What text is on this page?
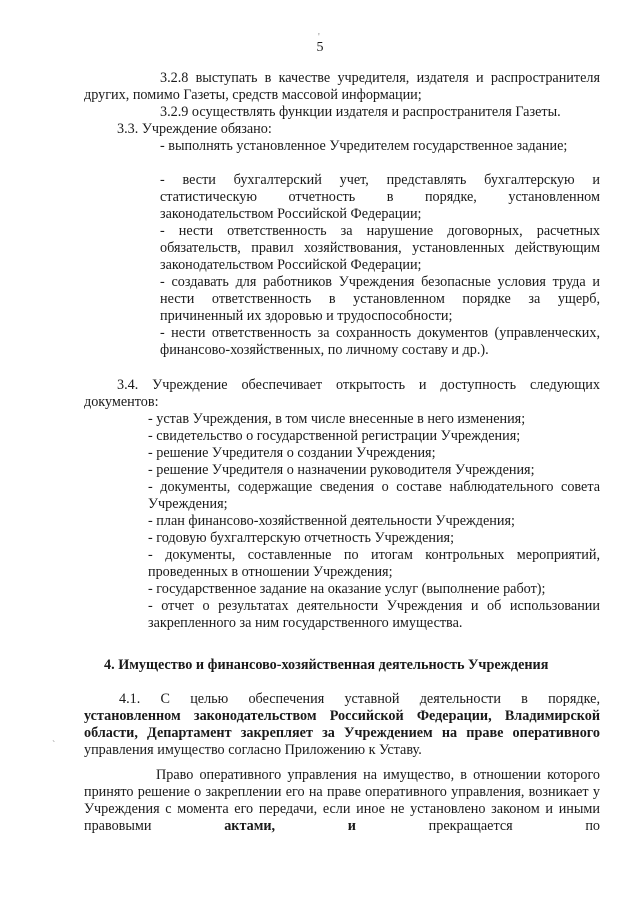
5

3.2.8 выступать в качестве учредителя, издателя и распространителя других, помимо Газеты, средств массовой информации;

3.2.9 осуществлять функции издателя и распространителя Газеты.

3.3. Учреждение обязано:

- выполнять установленное Учредителем государственное задание;

- вести бухгалтерский учет, представлять бухгалтерскую и статистическую отчетность в порядке, установленном законодательством Российской Федерации;

- нести ответственность за нарушение договорных, расчетных обязательств, правил хозяйствования, установленных действующим законодательством Российской Федерации;

- создавать для работников Учреждения безопасные условия труда и нести ответственность в установленном порядке за ущерб, причиненный их здоровью и трудоспособности;

- нести ответственность за сохранность документов (управленческих, финансово-хозяйственных, по личному составу и др.).

3.4. Учреждение обеспечивает открытость и доступность следующих документов:

- устав Учреждения, в том числе внесенные в него изменения;

- свидетельство о государственной регистрации Учреждения;

- решение Учредителя о создании Учреждения;

- решение Учредителя о назначении руководителя Учреждения;

- документы, содержащие сведения о составе наблюдательного совета Учреждения;

- план финансово-хозяйственной деятельности Учреждения;

- годовую бухгалтерскую отчетность Учреждения;

- документы, составленные по итогам контрольных мероприятий, проведенных в отношении Учреждения;

- государственное задание на оказание услуг (выполнение работ);

- отчет о результатах деятельности Учреждения и об использовании закрепленного за ним государственного имущества.

4. Имущество и финансово-хозяйственная деятельность Учреждения

4.1. С целью обеспечения уставной деятельности в порядке,

установленном законодательством Российской Федерации, Владимирской области, Департамент закрепляет за Учреждением на праве оперативного

управления имущество согласно Приложению к Уставу.

Право оперативного управления на имущество, в отношении которого принято решение о закреплении его на праве оперативного управления, возникает у Учреждения с момента его передачи, если иное не установлено законом и иными правовыми	актами, и	прекращается по

`
'
